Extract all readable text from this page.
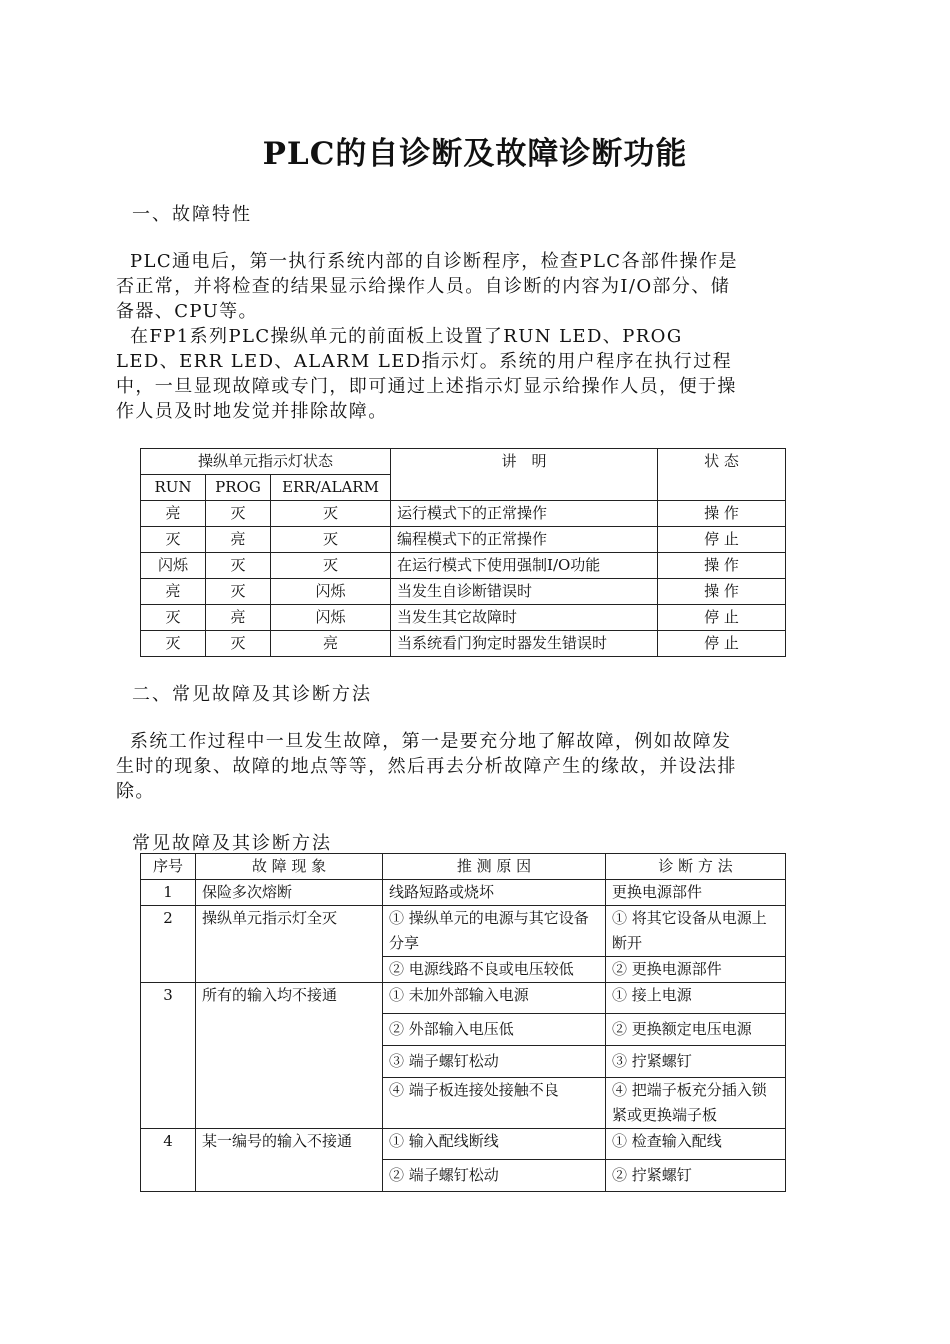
PLC的自诊断及故障诊断功能
一、故障特性
PLC通电后，第一执行系统内部的自诊断程序，检查PLC各部件操作是
否正常，并将检查的结果显示给操作人员。自诊断的内容为I/O部分、储
备器、CPU等。
在FP1系列PLC操纵单元的前面板上设置了RUN LED、PROG
LED、ERR LED、ALARM LED指示灯。系统的用户程序在执行过程
中，一旦显现故障或专门，即可通过上述指示灯显示给操作人员，便于操
作人员及时地发觉并排除故障。
操纵单元指示灯状态			讲　明	状 态
RUN	PROG	ERR/ALARM		
亮	灭	灭	运行模式下的正常操作	操 作
灭	亮	灭	编程模式下的正常操作	停 止
闪烁	灭	灭	在运行模式下使用强制I/O功能	操 作
亮	灭	闪烁	当发生自诊断错误时	操 作
灭	亮	闪烁	当发生其它故障时	停 止
灭	灭	亮	当系统看门狗定时器发生错误时	停 止
二、常见故障及其诊断方法
系统工作过程中一旦发生故障，第一是要充分地了解故障，例如故障发
生时的现象、故障的地点等等，然后再去分析故障产生的缘故，并设法排
除。
常见故障及其诊断方法
序号	故 障 现 象	推 测 原 因	诊 断 方 法
1	保险多次熔断	线路短路或烧坏	更换电源部件
2	操纵单元指示灯全灭	① 操纵单元的电源与其它设备分享	① 将其它设备从电源上断开
		② 电源线路不良或电压较低	② 更换电源部件
3	所有的输入均不接通	① 未加外部输入电源	① 接上电源
		② 外部输入电压低	② 更换额定电压电源
		③ 端子螺钉松动	③ 拧紧螺钉
		④ 端子板连接处接触不良	④ 把端子板充分插入锁紧或更换端子板
4	某一编号的输入不接通	① 输入配线断线	① 检查输入配线
		② 端子螺钉松动	② 拧紧螺钉
